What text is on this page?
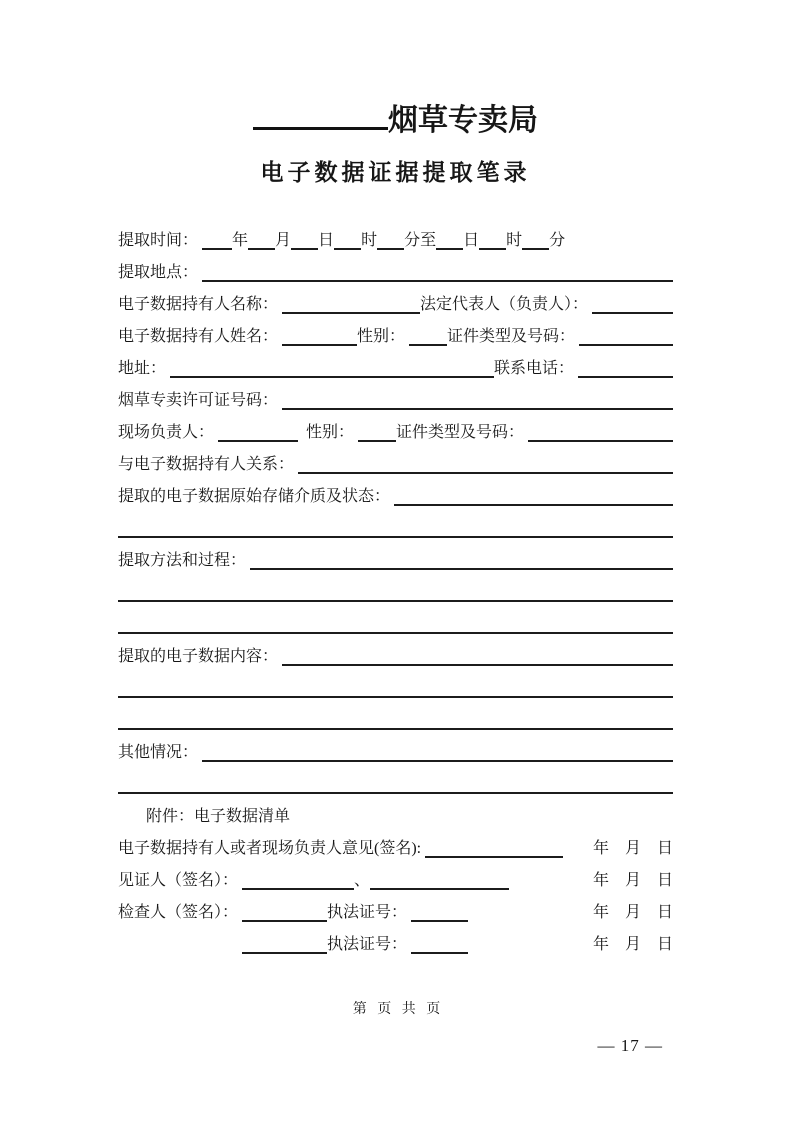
烟草专卖局
电子数据证据提取笔录
提取时间： 年 月 日 时 分至 日 时 分
提取地点：
电子数据持有人名称：	法定代表人（负责人）：
电子数据持有人姓名：	性别： 证件类型及号码：
地址：	联系电话：
烟草专卖许可证号码：
现场负责人：	性别： 证件类型及号码：
与电子数据持有人关系：
提取的电子数据原始存储介质及状态：
提取方法和过程：
提取的电子数据内容：
其他情况：
附件：电子数据清单
电子数据持有人或者现场负责人意见(签名):	年 月 日
见证人（签名）：	、	年 月 日
检查人（签名）：	执法证号：	年 月 日
执法证号：	年 月 日
第 页 共 页
— 17 —
